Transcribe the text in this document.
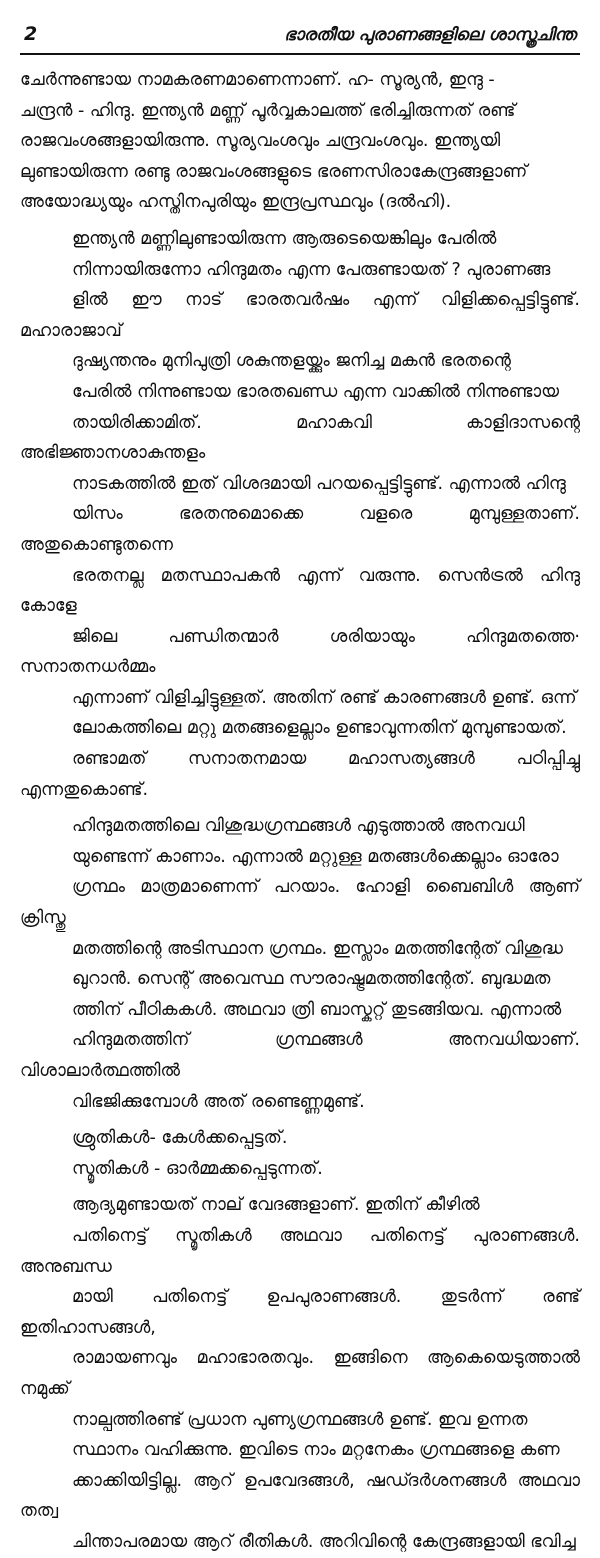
2	ഭാരതീയ പുരാണങ്ങളിലെ ശാസ്ത്രചിന്ത

ചേർന്നുണ്ടായ നാമകരണമാണെന്നാണ്. ഹ- സൂര്യൻ, ഇന്ദു -
ചന്ദ്രൻ - ഹിന്ദു. ഇന്ത്യൻ മണ്ണ് പൂർവ്വകാലത്ത് ഭരിച്ചിരുന്നത് രണ്ട്
രാജവംശങ്ങളായിരുന്നു. സൂര്യവംശവും ചന്ദ്രവംശവും. ഇന്ത്യയി
ലുണ്ടായിരുന്ന രണ്ടു രാജവംശങ്ങളുടെ ഭരണസിരാകേന്ദ്രങ്ങളാണ്
അയോദ്ധ്യയും ഹസ്തിനപുരിയും ഇന്ദ്രപ്രസ്ഥവും (ദൽഹി).

ഇന്ത്യൻ മണ്ണിലുണ്ടായിരുന്ന ആരുടെയെങ്കിലും പേരിൽ
നിന്നായിരുന്നോ ഹിന്ദുമതം എന്ന പേരുണ്ടായത് ? പുരാണങ്ങ
ളിൽ ഈ നാട് ഭാരതവർഷം എന്ന് വിളിക്കപ്പെട്ടിട്ടുണ്ട്. മഹാരാജാവ്
ദുഷ്യന്തനും മുനിപുത്രി ശകുന്തളയ്ക്കും ജനിച്ച മകൻ ഭരതന്റെ
പേരിൽ നിന്നുണ്ടായ ഭാരതഖണ്ഡ എന്ന വാക്കിൽ നിന്നുണ്ടായ
തായിരിക്കാമിത്. മഹാകവി കാളിദാസന്റെ അഭിജ്ഞാനശാകുന്തളം
നാടകത്തിൽ ഇത് വിശദമായി പറയപ്പെട്ടിട്ടുണ്ട്. എന്നാൽ ഹിന്ദു
യിസം ഭരതനുമൊക്കെ വളരെ മുമ്പുള്ളതാണ്. അതുകൊണ്ടുതന്നെ
ഭരതനല്ല മതസ്ഥാപകൻ എന്ന് വരുന്നു. സെൻട്രൽ ഹിന്ദു കോളേ
ജിലെ പണ്ഡിതന്മാർ ശരിയായും ഹിന്ദുമതത്തെ· സനാതനധർമ്മം
എന്നാണ് വിളിച്ചിട്ടുള്ളത്. അതിന് രണ്ട് കാരണങ്ങൾ ഉണ്ട്. ഒന്ന്
ലോകത്തിലെ മറ്റു മതങ്ങളെല്ലാം ഉണ്ടാവുന്നതിന് മുമ്പുണ്ടായത്.
രണ്ടാമത് സനാതനമായ മഹാസത്യങ്ങൾ പഠിപ്പിച്ചു എന്നതുകൊണ്ട്.

ഹിന്ദുമതത്തിലെ വിശുദ്ധഗ്രന്ഥങ്ങൾ എടുത്താൽ അനവധി
യുണ്ടെന്ന് കാണാം. എന്നാൽ മറ്റുള്ള മതങ്ങൾക്കെല്ലാം ഓരോ
ഗ്രന്ഥം മാത്രമാണെന്ന് പറയാം. ഹോളി ബൈബിൾ ആണ് ക്രിസ്തു
മതത്തിന്റെ അടിസ്ഥാന ഗ്രന്ഥം. ഇസ്ലാം മതത്തിന്റേത് വിശുദ്ധ
ഖുറാൻ. സെന്റ് അവെസ്ഥ സൗരാഷ്ട്രമതത്തിന്റേത്. ബുദ്ധമത
ത്തിന് പീഠികകൾ. അഥവാ ത്രി ബാസ്കറ്റ് തുടങ്ങിയവ. എന്നാൽ
ഹിന്ദുമതത്തിന് ഗ്രന്ഥങ്ങൾ അനവധിയാണ്. വിശാലാർത്ഥത്തിൽ
വിഭജിക്കുമ്പോൾ അത് രണ്ടെണ്ണമുണ്ട്.

ശ്രുതികൾ- കേൾക്കപ്പെട്ടത്.
സ്മൃതികൾ - ഓർമ്മക്കപ്പെടുന്നത്.

ആദ്യമുണ്ടായത് നാല് വേദങ്ങളാണ്. ഇതിന് കീഴിൽ
പതിനെട്ട് സ്മൃതികൾ അഥവാ പതിനെട്ട് പുരാണങ്ങൾ. അനുബന്ധ
മായി പതിനെട്ട് ഉപപുരാണങ്ങൾ. തുടർന്ന് രണ്ട് ഇതിഹാസങ്ങൾ,
രാമായണവും മഹാഭാരതവും. ഇങ്ങിനെ ആകെയെടുത്താൽ നമുക്ക്
നാല്പത്തിരണ്ട് പ്രധാന പുണ്യഗ്രന്ഥങ്ങൾ ഉണ്ട്. ഇവ ഉന്നത
സ്ഥാനം വഹിക്കുന്നു. ഇവിടെ നാം മറ്റനേകം ഗ്രന്ഥങ്ങളെ കണ
ക്കാക്കിയിട്ടില്ല. ആറ് ഉപവേദങ്ങൾ, ഷഡ്ദർശനങ്ങൾ അഥവാ തത്വ
ചിന്താപരമായ ആറ് രീതികൾ. അറിവിന്റെ കേന്ദ്രങ്ങളായി ഭവിച്ച
